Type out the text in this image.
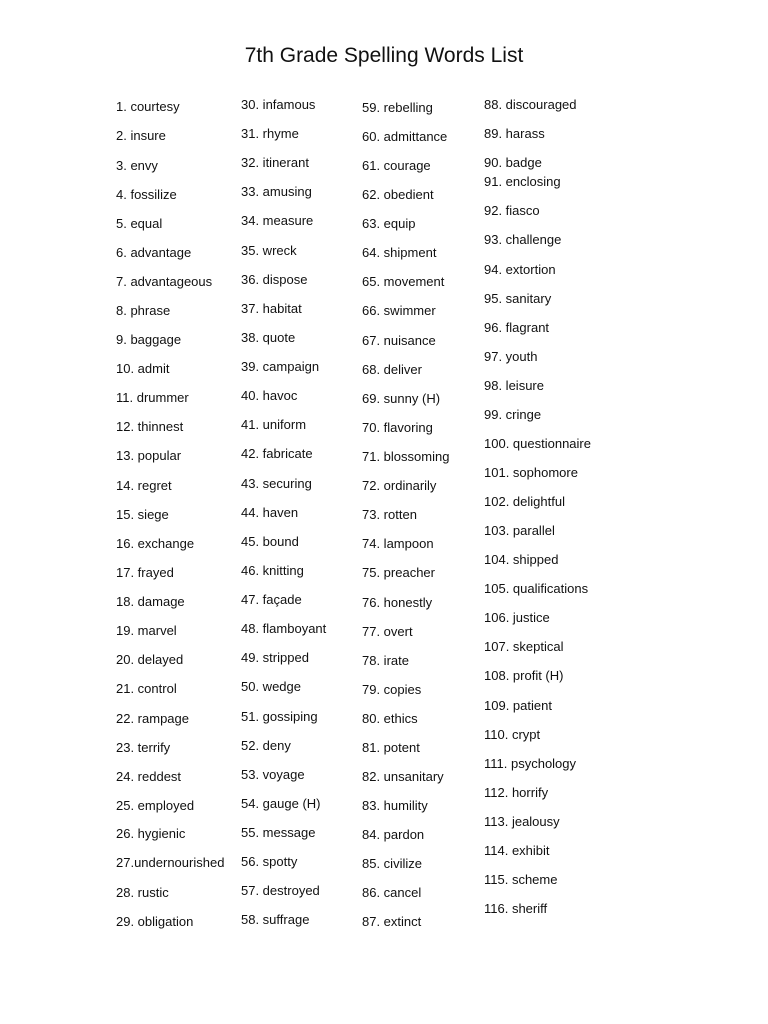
7th Grade Spelling Words List
1. courtesy
2. insure
3. envy
4. fossilize
5. equal
6. advantage
7. advantageous
8. phrase
9. baggage
10. admit
11. drummer
12. thinnest
13. popular
14. regret
15. siege
16. exchange
17. frayed
18. damage
19. marvel
20. delayed
21. control
22. rampage
23. terrify
24. reddest
25. employed
26. hygienic
27.undernourished
28. rustic
29. obligation
30. infamous
31. rhyme
32. itinerant
33. amusing
34. measure
35. wreck
36. dispose
37. habitat
38. quote
39. campaign
40. havoc
41. uniform
42. fabricate
43. securing
44. haven
45. bound
46. knitting
47. façade
48. flamboyant
49. stripped
50. wedge
51. gossiping
52. deny
53. voyage
54. gauge (H)
55. message
56. spotty
57. destroyed
58. suffrage
59. rebelling
60. admittance
61. courage
62. obedient
63. equip
64. shipment
65. movement
66. swimmer
67. nuisance
68. deliver
69. sunny (H)
70. flavoring
71. blossoming
72. ordinarily
73. rotten
74. lampoon
75. preacher
76. honestly
77. overt
78. irate
79. copies
80. ethics
81. potent
82. unsanitary
83. humility
84. pardon
85. civilize
86. cancel
87. extinct
88. discouraged
89. harass
90. badge
91. enclosing
92. fiasco
93. challenge
94. extortion
95. sanitary
96. flagrant
97. youth
98. leisure
99. cringe
100. questionnaire
101. sophomore
102. delightful
103. parallel
104. shipped
105. qualifications
106. justice
107. skeptical
108. profit (H)
109. patient
110. crypt
111. psychology
112. horrify
113. jealousy
114. exhibit
115. scheme
116. sheriff
